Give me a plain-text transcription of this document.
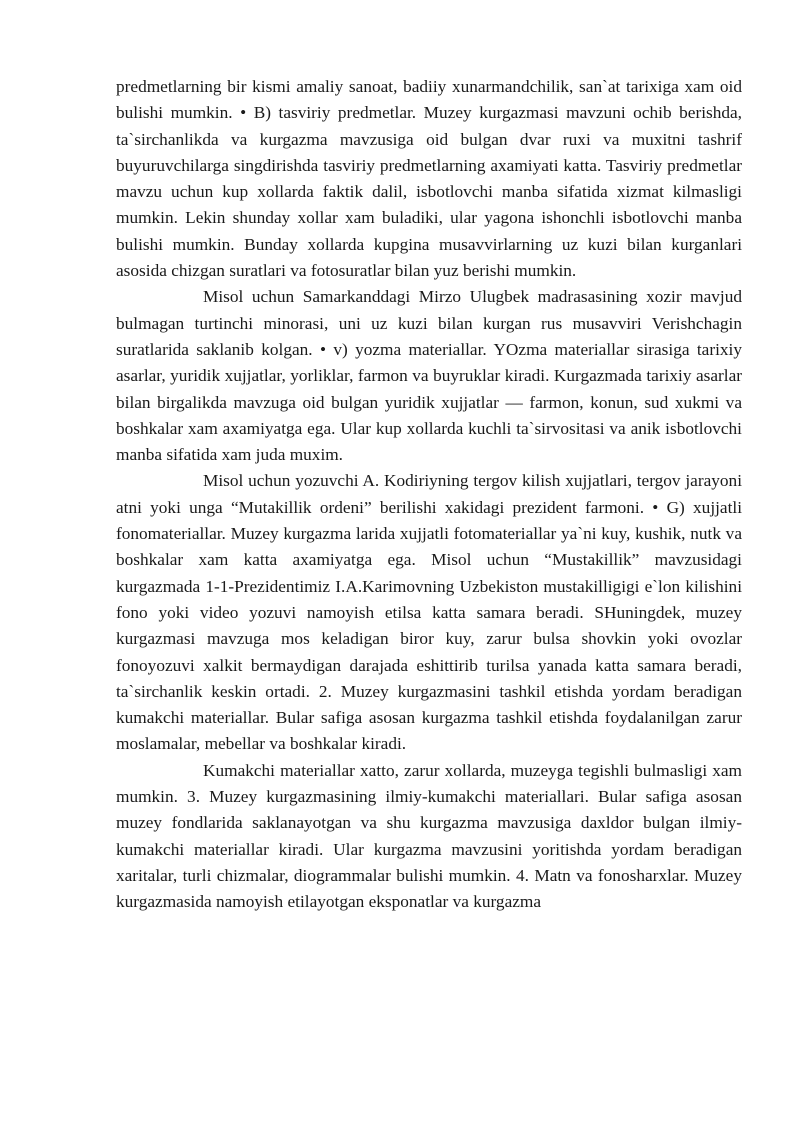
predmetlarning bir kismi amaliy sanoat, badiiy xunarmandchilik, san`at tarixiga xam oid bulishi mumkin. • B) tasviriy predmetlar. Muzey kurgazmasi mavzuni ochib berishda, ta`sirchanlikda va kurgazma mavzusiga oid bulgan dvar ruxi va muxitni tashrif buyuruvchilarga singdirishda tasviriy predmetlarning axamiyati katta. Tasviriy predmetlar mavzu uchun kup xollarda faktik dalil, isbotlovchi manba sifatida xizmat kilmasligi mumkin. Lekin shunday xollar xam buladiki, ular yagona ishonchli isbotlovchi manba bulishi mumkin. Bunday xollarda kupgina musavvirlarning uz kuzi bilan kurganlari asosida chizgan suratlari va fotosuratlar bilan yuz berishi mumkin.

Misol uchun Samarkanddagi Mirzo Ulugbek madrasasining xozir mavjud bulmagan turtinchi minorasi, uni uz kuzi bilan kurgan rus musavviri Verishchagin suratlarida saklanib kolgan. • v) yozma materiallar. YOzma materiallar sirasiga tarixiy asarlar, yuridik xujjatlar, yorliklar, farmon va buyruklar kiradi. Kurgazmada tarixiy asarlar bilan birgalikda mavzuga oid bulgan yuridik xujjatlar — farmon, konun, sud xukmi va boshkalar xam axamiyatga ega. Ular kup xollarda kuchli ta`sirvositasi va anik isbotlovchi manba sifatida xam juda muxim.

Misol uchun yozuvchi A. Kodiriyning tergov kilish xujjatlari, tergov jarayoni atni yoki unga “Mutakillik ordeni” berilishi xakidagi prezident farmoni. • G) xujjatli fonomateriallar. Muzey kurgazma larida xujjatli fotomateriallar ya`ni kuy, kushik, nutk va boshkalar xam katta axamiyatga ega. Misol uchun “Mustakillik” mavzusidagi kurgazmada 1-1-Prezidentimiz I.A.Karimovning Uzbekiston mustakilligigi e`lon kilishini fono yoki video yozuvi namoyish etilsa katta samara beradi. SHuningdek, muzey kurgazmasi mavzuga mos keladigan biror kuy, zarur bulsa shovkin yoki ovozlar fonoyozuvi xalkit bermaydigan darajada eshittirib turilsa yanada katta samara beradi, ta`sirchanlik keskin ortadi. 2. Muzey kurgazmasini tashkil etishda yordam beradigan kumakchi materiallar. Bular safiga asosan kurgazma tashkil etishda foydalanilgan zarur moslamalar, mebellar va boshkalar kiradi.

Kumakchi materiallar xatto, zarur xollarda, muzeyga tegishli bulmasligi xam mumkin. 3. Muzey kurgazmasining ilmiy-kumakchi materiallari. Bular safiga asosan muzey fondlarida saklanayotgan va shu kurgazma mavzusiga daxldor bulgan ilmiy-kumakchi materiallar kiradi. Ular kurgazma mavzusini yoritishda yordam beradigan xaritalar, turli chizmalar, diogrammalar bulishi mumkin. 4. Matn va fonosharxlar. Muzey kurgazmasida namoyish etilayotgan eksponatlar va kurgazma
